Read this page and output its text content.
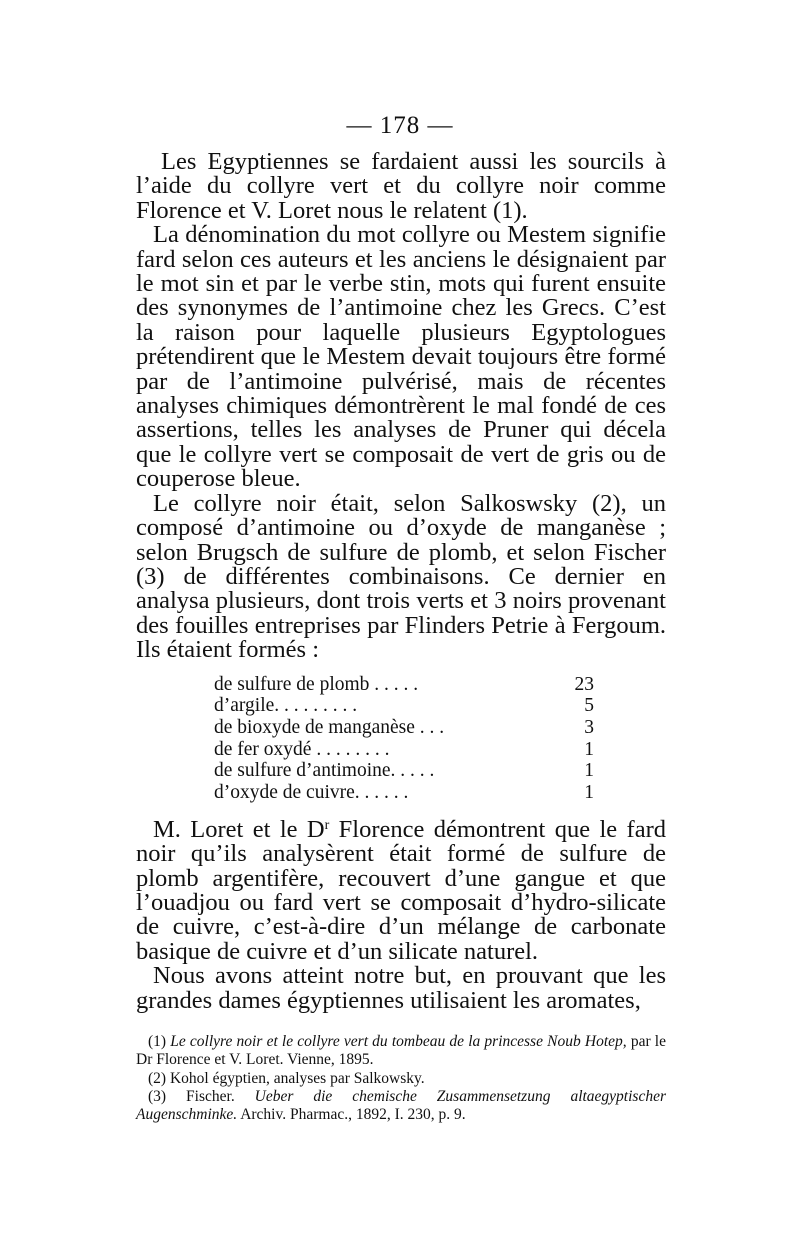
— 178 —

Les Egyptiennes se fardaient aussi les sourcils à l’aide du collyre vert et du collyre noir comme Florence et V. Loret nous le relatent (1).

La dénomination du mot collyre ou Mestem signifie fard selon ces auteurs et les anciens le désignaient par le mot sin et par le verbe stin, mots qui furent ensuite des synonymes de l’antimoine chez les Grecs. C’est la raison pour laquelle plusieurs Egyptologues prétendirent que le Mestem devait toujours être formé par de l’antimoine pulvérisé, mais de récentes analyses chimiques démontrèrent le mal fondé de ces assertions, telles les analyses de Pruner qui décela que le collyre vert se composait de vert de gris ou de couperose bleue.

Le collyre noir était, selon Salkoswsky (2), un composé d’antimoine ou d’oxyde de manganèse ; selon Brugsch de sulfure de plomb, et selon Fischer (3) de différentes combinaisons. Ce dernier en analysa plusieurs, dont trois verts et 3 noirs provenant des fouilles entreprises par Flinders Petrie à Fergoum. Ils étaient formés :

de sulfure de plomb . . . . .	23
d’argile. . . . . . . . .	5
de bioxyde de manganèse . . .	3
de fer oxydé . . . . . . . .	1
de sulfure d’antimoine. . . . .	1
d’oxyde de cuivre. . . . . .	1

M. Loret et le $D^r$ Florence démontrent que le fard noir qu’ils analysèrent était formé de sulfure de plomb argentifère, recouvert d’une gangue et que l’ouadjou ou fard vert se composait d’hydro-silicate de cuivre, c’est-à-dire d’un mélange de carbonate basique de cuivre et d’un silicate naturel.

Nous avons atteint notre but, en prouvant que les grandes dames égyptiennes utilisaient les aromates,

(1) Le collyre noir et le collyre vert du tombeau de la princesse Noub Hotep, par le Dr Florence et V. Loret. Vienne, 1895.

(2) Kohol égyptien, analyses par Salkowsky.

(3) Fischer. Ueber die chemische Zusammensetzung altaegyptischer Augenschminke. Archiv. Pharmac., 1892, I. 230, p. 9.
